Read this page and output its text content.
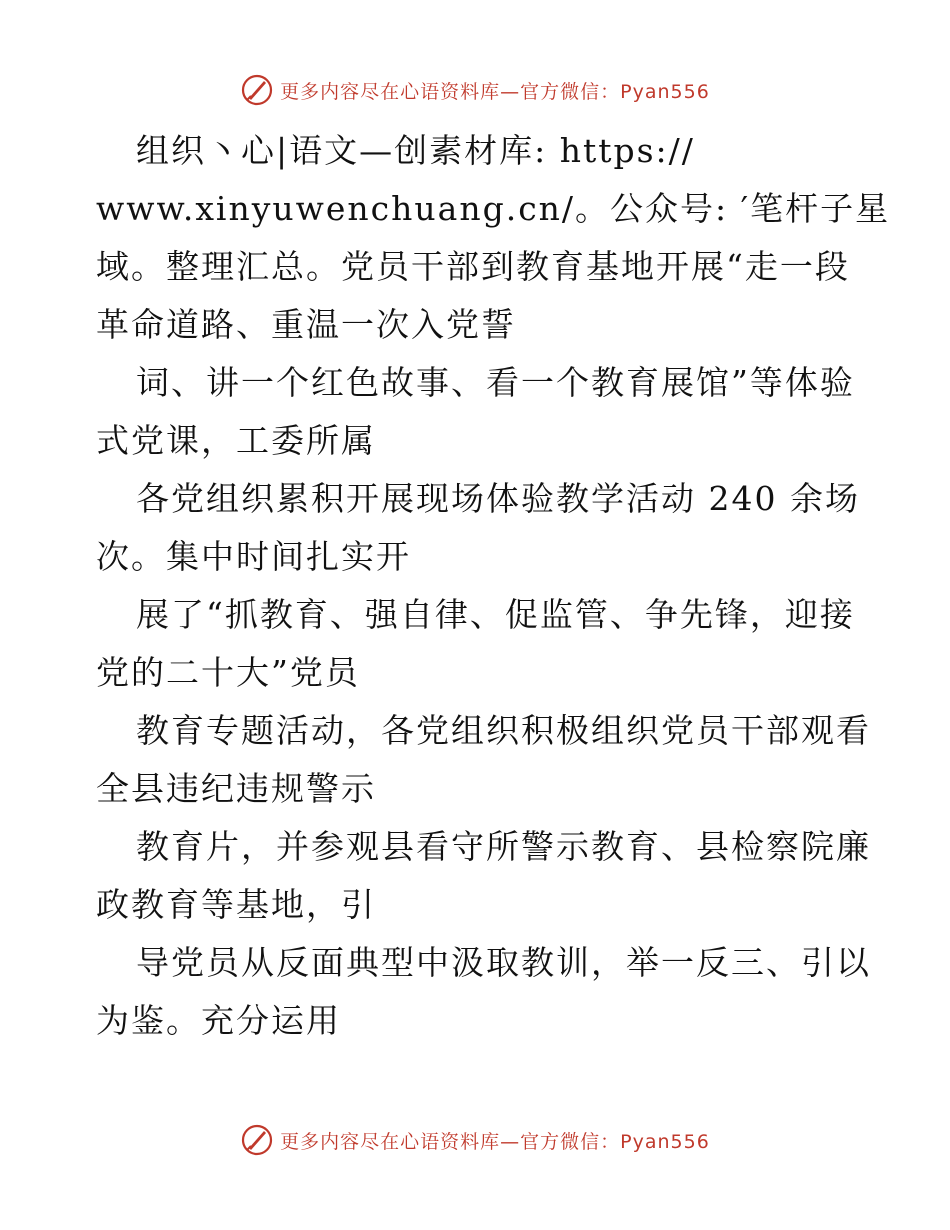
更多内容尽在心语资料库—官方微信：Pyan556
组织丶心|语文—创素材库: https://
www.xinyuwenchuang.cn/。公众号: ′笔杆子星
域。整理汇总。党员干部到教育基地开展“走一段
革命道路、重温一次入党誓
词、讲一个红色故事、看一个教育展馆”等体验
式党课，工委所属
各党组织累积开展现场体验教学活动 240 余场
次。集中时间扎实开
展了“抓教育、强自律、促监管、争先锋，迎接
党的二十大”党员
教育专题活动，各党组织积极组织党员干部观看
全县违纪违规警示
教育片，并参观县看守所警示教育、县检察院廉
政教育等基地，引
导党员从反面典型中汲取教训，举一反三、引以
为鉴。充分运用
更多内容尽在心语资料库—官方微信：Pyan556
